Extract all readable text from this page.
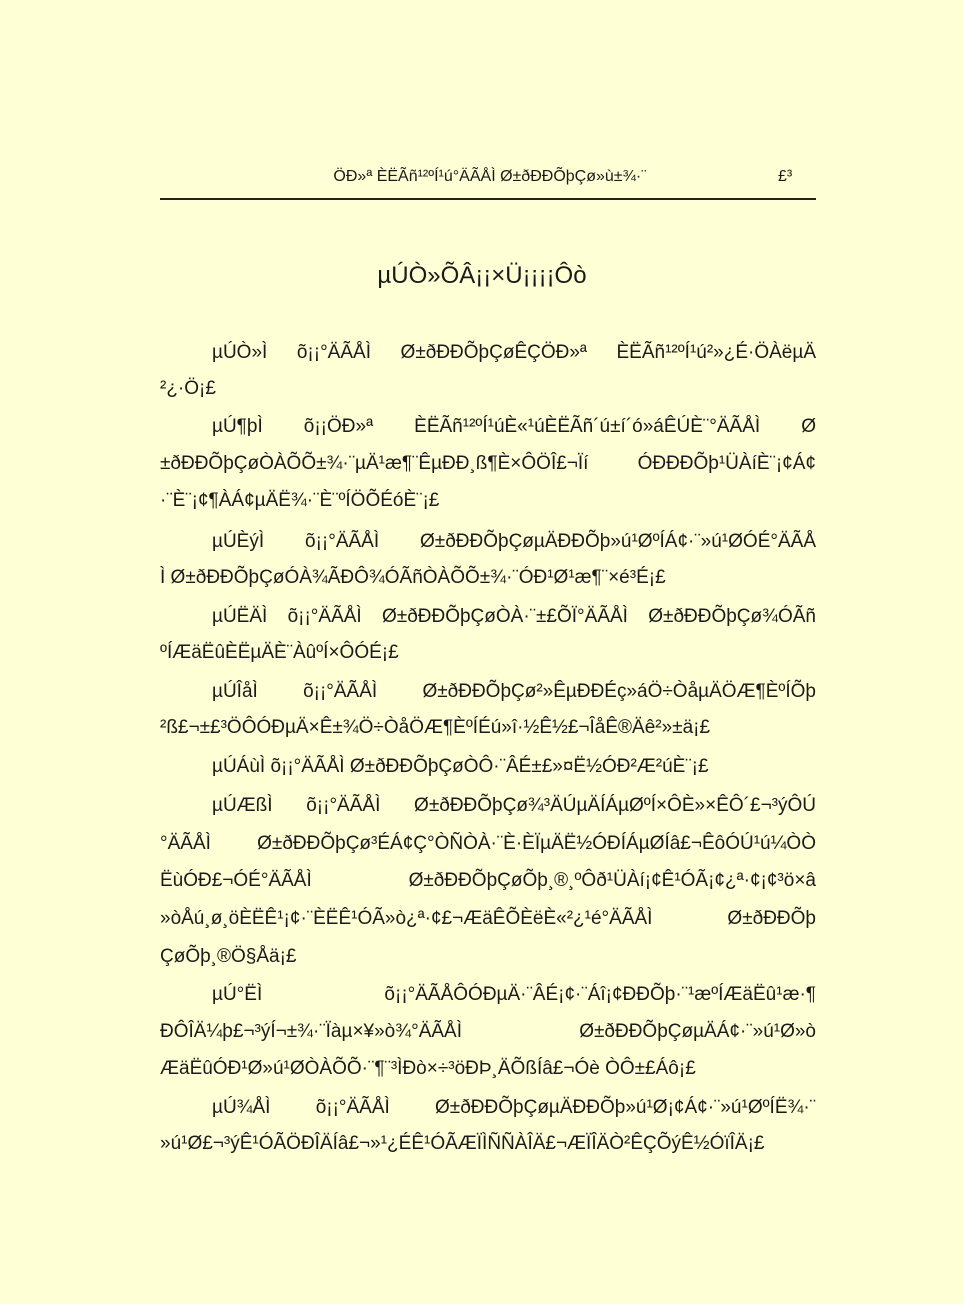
ÖÐ»ª ÈËÃñ¹²ºÍ¹ú°ÄÃÅÌ Ø±ðÐÐÕþÇø»ù±¾·¨	£³
µÚÒ»ÕÂ¡¡×Ü¡¡¡¡Ôò
µÚÒ»Ì õ¡¡°ÄÃÅÌ Ø±ðÐÐÕþÇøÊÇÖÐ»ª ÈËÃñ¹²ºÍ¹ú²»¿É·ÖÀëµÄ
²¿·Ö¡£
µÚ¶þÌ õ¡¡ÖÐ»ª ÈËÃñ¹²ºÍ¹úÈ«¹úÈËÃñ´ú±í´ó»áÊÚÈ¨°ÄÃÅÌ Ø
±ðÐÐÕþÇøÒÀÕÕ±¾·¨µÄ¹æ¶¨ÊµÐÐ¸ß¶È×ÔÖÎ£¬Ïí ÓÐÐÐÕþ¹ÜÀíÈ¨¡¢Á¢
·¨È¨¡¢¶ÀÁ¢µÄË¾·¨È¨ºÍÖÕÉóÈ¨¡£
µÚÈýÌ õ¡¡°ÄÃÅÌ Ø±ðÐÐÕþÇøµÄÐÐÕþ»ú¹ØºÍÁ¢·¨»ú¹ØÓÉ°ÄÃÅ
Ì Ø±ðÐÐÕþÇøÓÀ¾ÃÐÔ¾ÓÃñÒÀÕÕ±¾·¨ÓÐ¹Ø¹æ¶¨×é³É¡£
µÚËÄÌ õ¡¡°ÄÃÅÌ Ø±ðÐÐÕþÇøÒÀ·¨±£ÕÏ°ÄÃÅÌ Ø±ðÐÐÕþÇø¾ÓÃñ
ºÍÆäËûÈËµÄÈ¨ÀûºÍ×ÔÓÉ¡£
µÚÎåÌ õ¡¡°ÄÃÅÌ Ø±ðÐÐÕþÇø²»ÊµÐÐÉç»áÖ÷ÒåµÄÖÆ¶ÈºÍÕþ
²ß£¬±£³ÖÔÓÐµÄ×Ê±¾Ö÷ÒåÖÆ¶ÈºÍÉú»î·½Ê½£¬ÎåÊ®Äê²»±ä¡£
µÚÁùÌ õ¡¡°ÄÃÅÌ Ø±ðÐÐÕþÇøÒÔ·¨ÂÉ±£»¤Ë½ÓÐ²Æ²úÈ¨¡£
µÚÆßÌ õ¡¡°ÄÃÅÌ Ø±ðÐÐÕþÇø¾³ÄÚµÄÍÁµØºÍ×ÔÈ»×ÊÔ´£¬³ýÔÚ
°ÄÃÅÌ Ø±ðÐÐÕþÇø³ÉÁ¢Ç°ÒÑÒÀ·¨È·ÈÏµÄË½ÓÐÍÁµØÍâ£¬ÊôÓÚ¹ú¼ÒÒ
ËùÓÐ£¬ÓÉ°ÄÃÅÌ Ø±ðÐÐÕþÇøÕþ¸®¸ºÔð¹ÜÀí¡¢Ê¹ÓÃ¡¢¿ª·¢¡¢³ö×â
»òÅú¸ø¸öÈËÊ¹¡¢·¨ÈËÊ¹ÓÃ»ò¿ª·¢£¬ÆäÊÕÈëÈ«²¿¹é°ÄÃÅÌ Ø±ðÐÐÕþ
ÇøÕþ¸®Ö§Åä¡£
µÚ°ËÌ õ¡¡°ÄÃÅÔÓÐµÄ·¨ÂÉ¡¢·¨Áî¡¢ÐÐÕþ·¨¹æºÍÆäËû¹æ·¶
ÐÔÎÄ¼þ£¬³ýÍ¬±¾·¨Ïàµ×¥»ò¾°ÄÃÅÌ Ø±ðÐÐÕþÇøµÄÁ¢·¨»ú¹Ø»ò
ÆäËûÓÐ¹Ø»ú¹ØÒÀÕÕ·¨¶¨³ÌÐò×÷³öÐÞ¸ÄÕßÍâ£¬Óè ÒÔ±£Áô¡£
µÚ¾ÅÌ õ¡¡°ÄÃÅÌ Ø±ðÐÐÕþÇøµÄÐÐÕþ»ú¹Ø¡¢Á¢·¨»ú¹ØºÍË¾·¨
»ú¹Ø£¬³ýÊ¹ÓÃÖÐÎÄÍâ£¬»¹¿ÉÊ¹ÓÃÆÏÌÑÑÀÎÄ£¬ÆÏÎÄÒ²ÊÇÕýÊ½ÓïÎÄ¡£
